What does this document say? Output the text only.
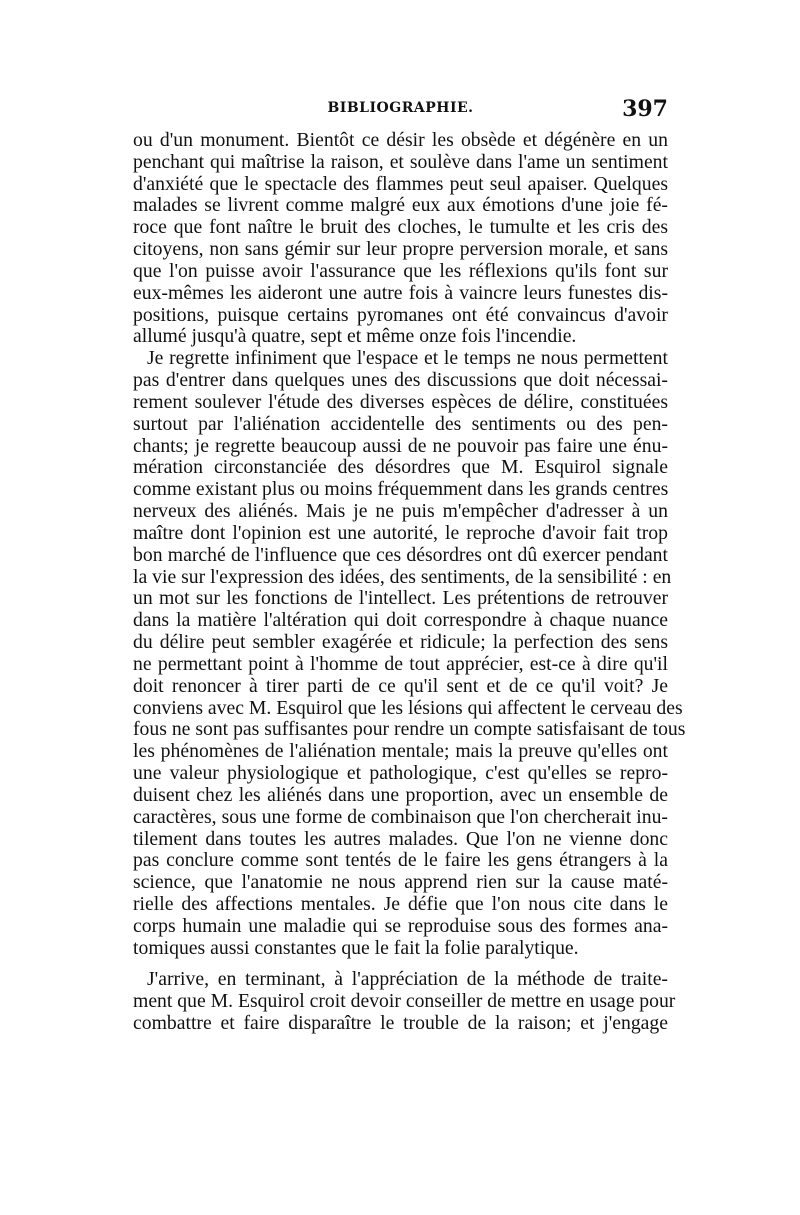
BIBLIOGRAPHIE.	397
ou d'un monument. Bientôt ce désir les obsède et dégénère en un
penchant qui maîtrise la raison, et soulève dans l'ame un sentiment
d'anxiété que le spectacle des flammes peut seul apaiser. Quelques
malades se livrent comme malgré eux aux émotions d'une joie fé-
roce que font naître le bruit des cloches, le tumulte et les cris des
citoyens, non sans gémir sur leur propre perversion morale, et sans
que l'on puisse avoir l'assurance que les réflexions qu'ils font sur
eux-mêmes les aideront une autre fois à vaincre leurs funestes dis-
positions, puisque certains pyromanes ont été convaincus d'avoir
allumé jusqu'à quatre, sept et même onze fois l'incendie.
Je regrette infiniment que l'espace et le temps ne nous permettent
pas d'entrer dans quelques unes des discussions que doit nécessai-
rement soulever l'étude des diverses espèces de délire, constituées
surtout par l'aliénation accidentelle des sentiments ou des pen-
chants; je regrette beaucoup aussi de ne pouvoir pas faire une énu-
mération circonstanciée des désordres que M. Esquirol signale
comme existant plus ou moins fréquemment dans les grands centres
nerveux des aliénés. Mais je ne puis m'empêcher d'adresser à un
maître dont l'opinion est une autorité, le reproche d'avoir fait trop
bon marché de l'influence que ces désordres ont dû exercer pendant
la vie sur l'expression des idées, des sentiments, de la sensibilité : en
un mot sur les fonctions de l'intellect. Les prétentions de retrouver
dans la matière l'altération qui doit correspondre à chaque nuance
du délire peut sembler exagérée et ridicule; la perfection des sens
ne permettant point à l'homme de tout apprécier, est-ce à dire qu'il
doit renoncer à tirer parti de ce qu'il sent et de ce qu'il voit? Je
conviens avec M. Esquirol que les lésions qui affectent le cerveau des
fous ne sont pas suffisantes pour rendre un compte satisfaisant de tous
les phénomènes de l'aliénation mentale; mais la preuve qu'elles ont
une valeur physiologique et pathologique, c'est qu'elles se repro-
duisent chez les aliénés dans une proportion, avec un ensemble de
caractères, sous une forme de combinaison que l'on chercherait inu-
tilement dans toutes les autres malades. Que l'on ne vienne donc
pas conclure comme sont tentés de le faire les gens étrangers à la
science, que l'anatomie ne nous apprend rien sur la cause maté-
rielle des affections mentales. Je défie que l'on nous cite dans le
corps humain une maladie qui se reproduise sous des formes ana-
tomiques aussi constantes que le fait la folie paralytique.
J'arrive, en terminant, à l'appréciation de la méthode de traite-
ment que M. Esquirol croit devoir conseiller de mettre en usage pour
combattre et faire disparaître le trouble de la raison; et j'engage
